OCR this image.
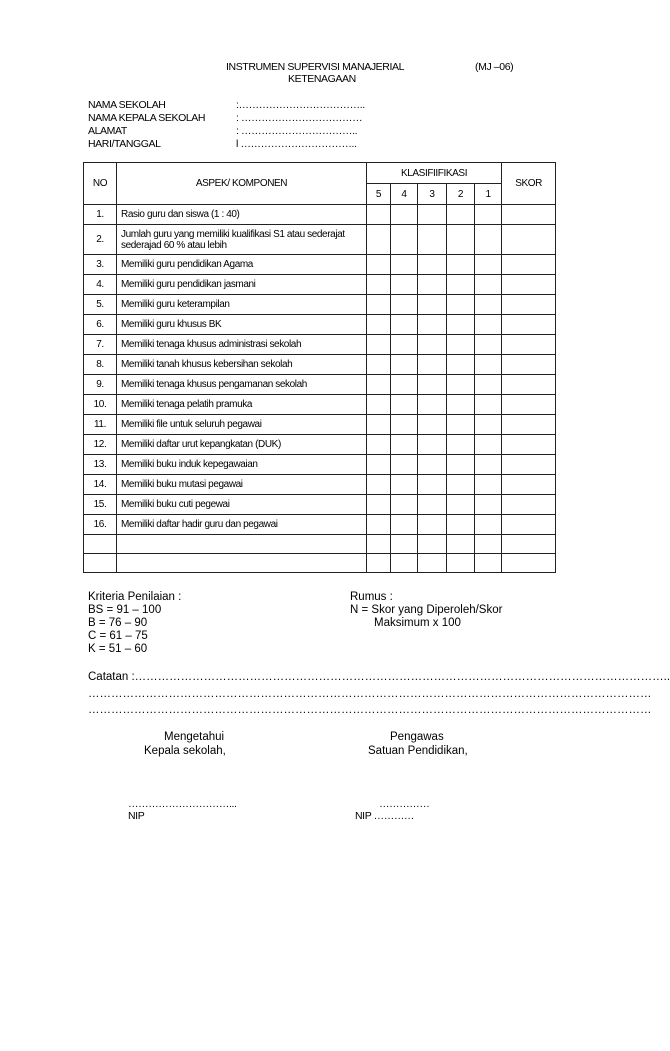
INSTRUMEN SUPERVISI MANAJERIAL	(MJ –06)
KETENAGAAN
NAMA SEKOLAH	:………………………………..
NAMA KEPALA SEKOLAH	: ………………………………
ALAMAT	: ……………………………..
HARI/TANGGAL	l ……………………………..
NO	ASPEK/ KOMPONEN	KLASIFIIFIKASI					SKOR
		5	4	3	2	1	
1.	Rasio guru dan siswa (1 : 40)						
2.	Jumlah guru yang memiliki kualifikasi S1 atau sederajat sederajad 60 % atau lebih						
3.	Memiliki guru pendidikan Agama						
4.	Memiliki guru pendidikan jasmani						
5.	Memiliki guru keterampilan						
6.	Memiliki guru khusus BK						
7.	Memiliki tenaga khusus administrasi sekolah						
8.	Memiliki tanah khusus kebersihan sekolah						
9.	Memiliki tenaga khusus pengamanan sekolah						
10.	Memiliki tenaga pelatih pramuka						
11.	Memiliki file untuk seluruh pegawai						
12.	Memiliki daftar urut kepangkatan (DUK)						
13.	Memiliki buku induk kepegawaian						
14.	Memiliki buku mutasi pegawai						
15.	Memiliki buku cuti pegewai						
16.	Memiliki daftar hadir guru dan pegawai						

Kriteria Penilaian :
BS = 91 – 100
B = 76 – 90
C = 61 – 75
K = 51 – 60
Rumus :
N = Skor yang Diperoleh/Skor
Maksimum x 100
Catatan :…………………………………………………………………………………………………………………………..
…………………………………………………………………………………………………………………………………
…………………………………………………………………………………………………………………………………
Mengetahui
Kepala sekolah,
Pengawas
Satuan Pendidikan,
…………………………...	……………
NIP	NIP …………
